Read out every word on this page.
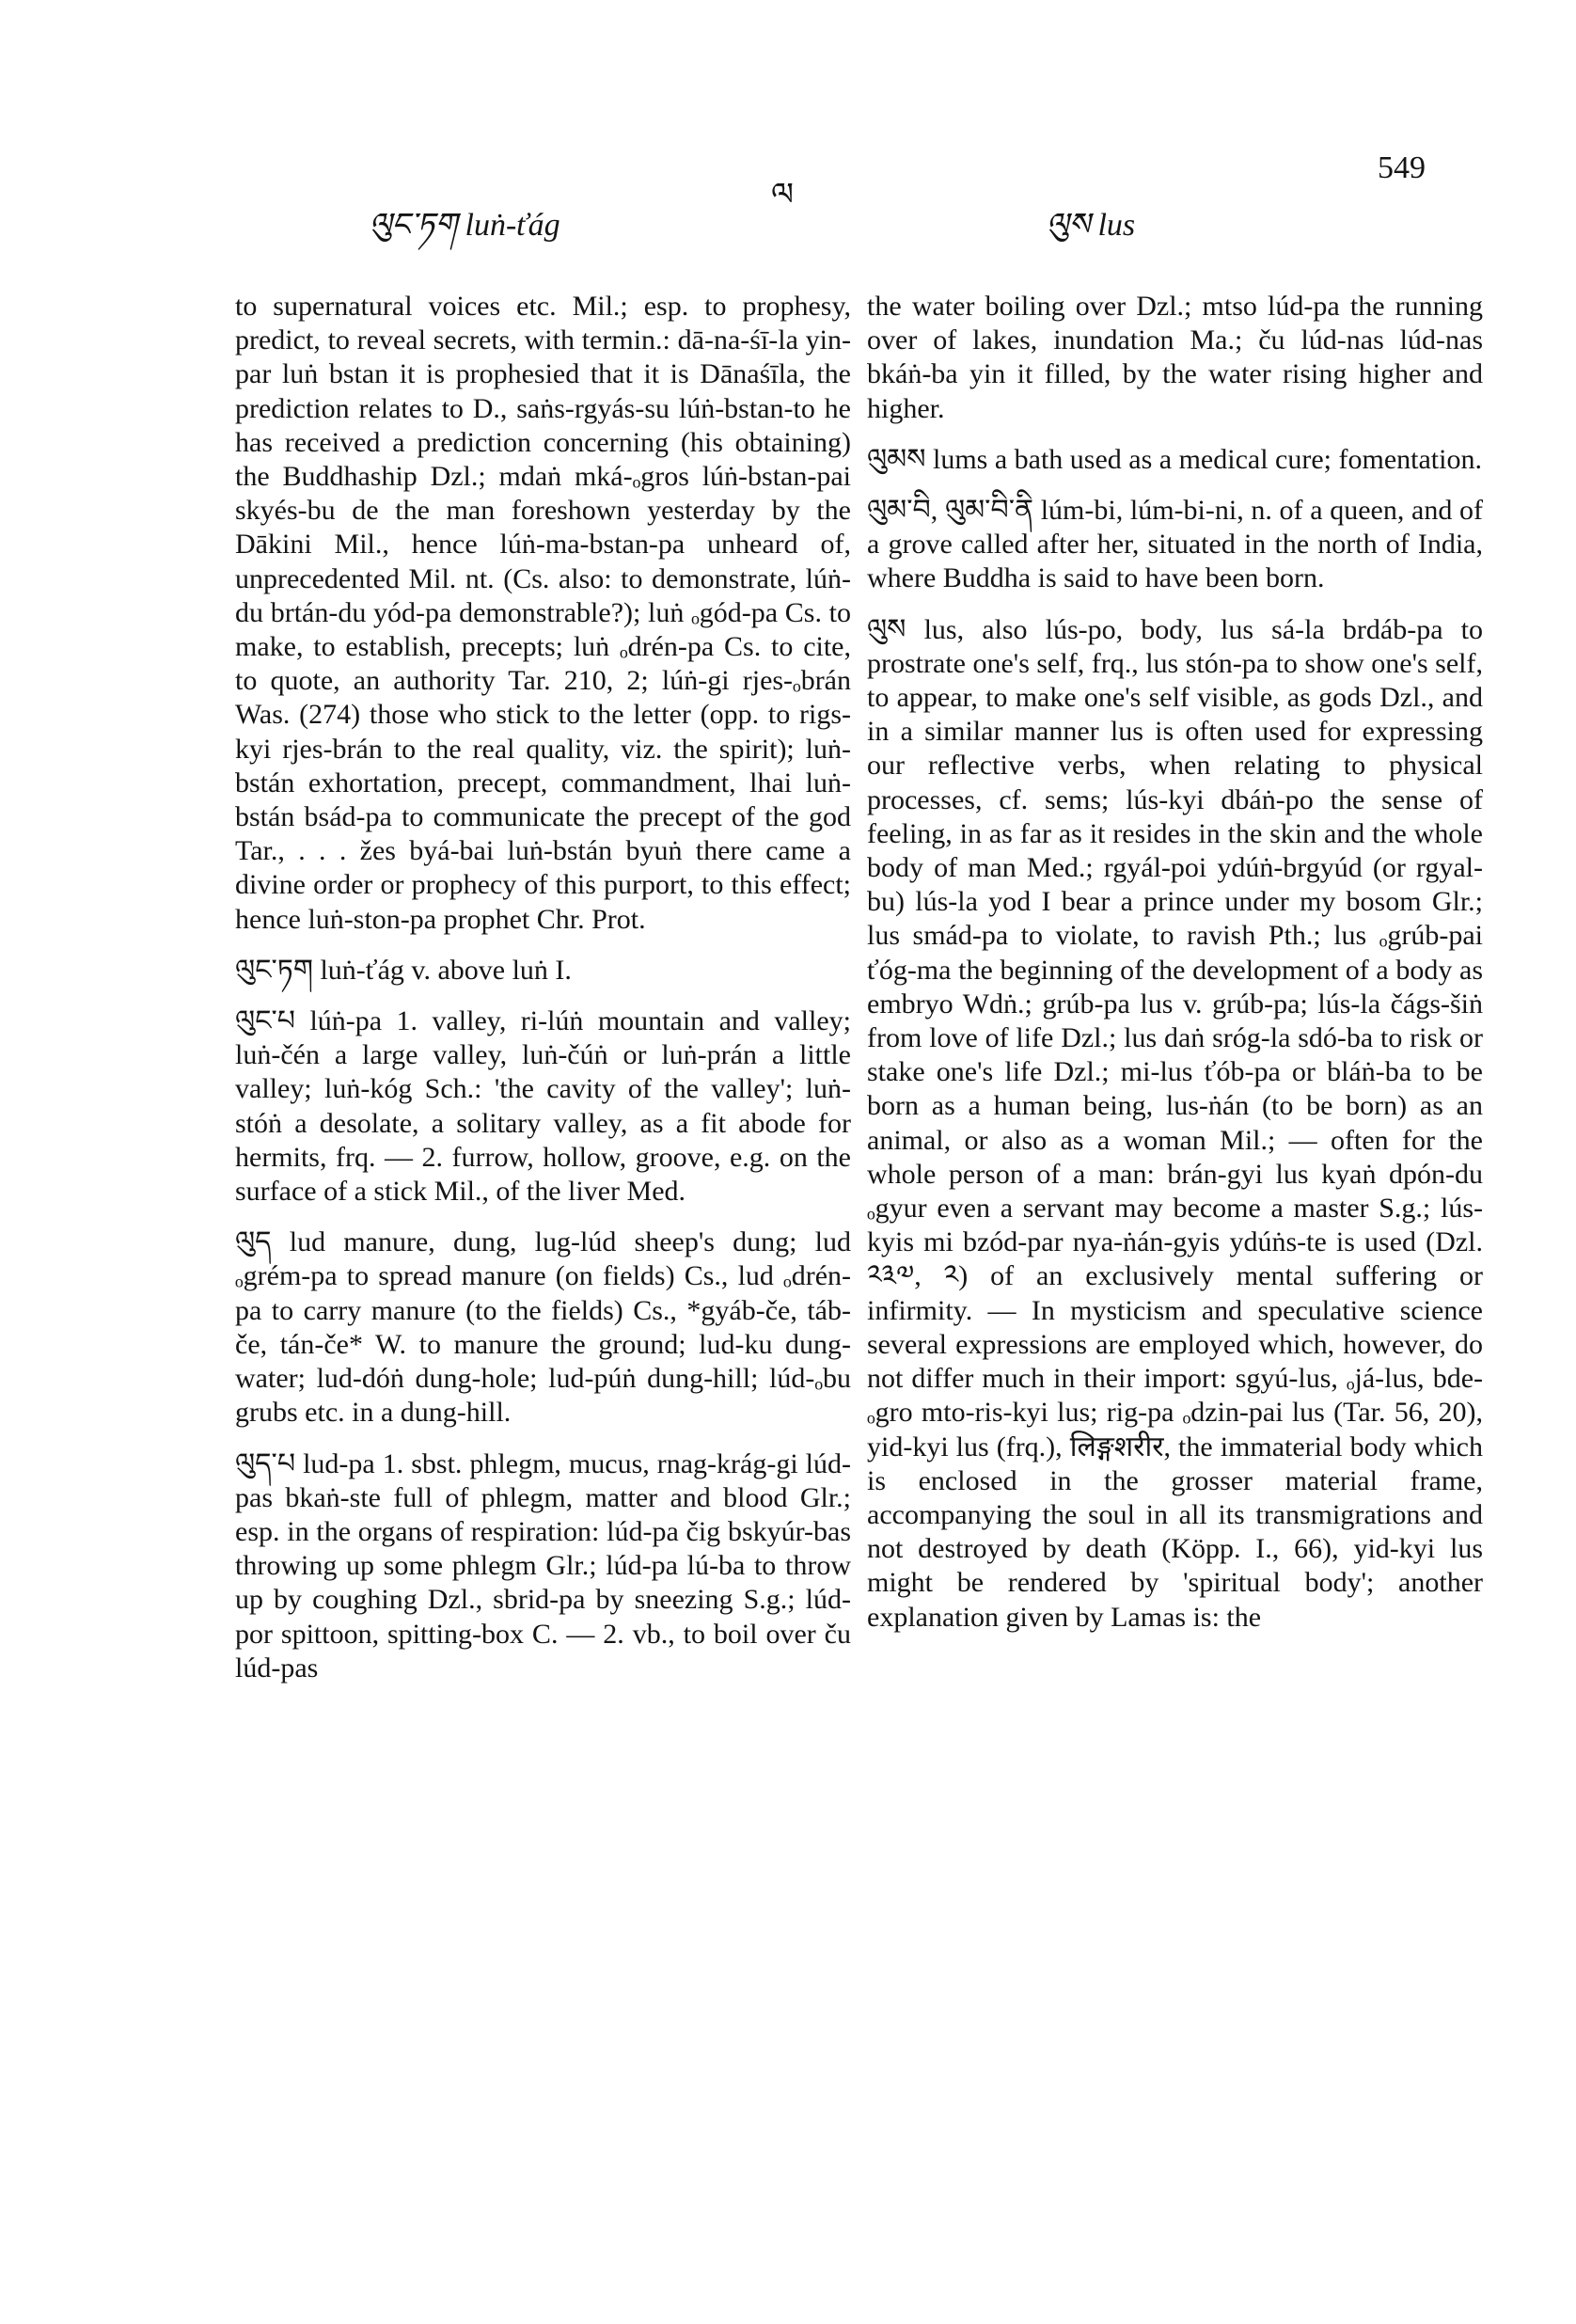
549
ལུང་ཏག luṅ-ťág
ལ
ལུས lus

to supernatural voices etc. Mil.; esp. to prophesy, predict, to reveal secrets, with termin.: dā-na-śī-la yin-par luṅ bstan it is prophesied that it is Dānaśīla, the prediction relates to D., saṅs-rgyás-su lúṅ-bstan-to he has received a prediction concerning (his obtaining) the Buddhaship Dzl.; mdaṅ mká-ₒgros lúṅ-bstan-pai skyés-bu de the man foreshown yesterday by the Dākini Mil., hence lúṅ-ma-bstan-pa unheard of, unprecedented Mil. nt. (Cs. also: to demonstrate, lúṅ-du brtán-du yód-pa demonstrable?); luṅ ₒgód-pa Cs. to make, to establish, precepts; luṅ ₒdrén-pa Cs. to cite, to quote, an authority Tar. 210, 2; lúṅ-gi rjes-ₒbrán Was. (274) those who stick to the letter (opp. to rigs-kyi rjes-brán to the real quality, viz. the spirit); luṅ-bstán exhortation, precept, commandment, lhai luṅ-bstán bsád-pa to communicate the precept of the god Tar., . . . žes byá-bai luṅ-bstán byuṅ there came a divine order or prophecy of this purport, to this effect; hence luṅ-ston-pa prophet Chr. Prot.

ལུང་ཏག luṅ-ťág v. above luṅ I.

ལུང་པ lúṅ-pa 1. valley, ri-lúṅ mountain and valley; luṅ-čén a large valley, luṅ-čúṅ or luṅ-prán a little valley; luṅ-kóg Sch.: 'the cavity of the valley'; luṅ-stóṅ a desolate, a solitary valley, as a fit abode for hermits, frq. — 2. furrow, hollow, groove, e.g. on the surface of a stick Mil., of the liver Med.

ལུད lud manure, dung, lug-lúd sheep's dung; lud ₒgrém-pa to spread manure (on fields) Cs., lud ₒdrén-pa to carry manure (to the fields) Cs., *gyáb-če, táb-če, tán-če* W. to manure the ground; lud-ku dung-water; lud-dóṅ dung-hole; lud-púṅ dung-hill; lúd-ₒbu grubs etc. in a dung-hill.

ལུད་པ lud-pa 1. sbst. phlegm, mucus, rnag-krág-gi lúd-pas bkaṅ-ste full of phlegm, matter and blood Glr.; esp. in the organs of respiration: lúd-pa čig bskyúr-bas throwing up some phlegm Glr.; lúd-pa lú-ba to throw up by coughing Dzl., sbrid-pa by sneezing S.g.; lúd-por spittoon, spitting-box C. — 2. vb., to boil over ču lúd-pas

the water boiling over Dzl.; mtso lúd-pa the running over of lakes, inundation Ma.; ču lúd-nas lúd-nas bkáṅ-ba yin it filled, by the water rising higher and higher.

ལུམས lums a bath used as a medical cure; fomentation.

ལུམ་བི, ལུམ་བི་ནི lúm-bi, lúm-bi-ni, n. of a queen, and of a grove called after her, situated in the north of India, where Buddha is said to have been born.

ལུས lus, also lús-po, body, lus sá-la brdáb-pa to prostrate one's self, frq., lus stón-pa to show one's self, to appear, to make one's self visible, as gods Dzl., and in a similar manner lus is often used for expressing our reflective verbs, when relating to physical processes, cf. sems; lús-kyi dbáṅ-po the sense of feeling, in as far as it resides in the skin and the whole body of man Med.; rgyál-poi ydúṅ-brgyúd (or rgyal-bu) lús-la yod I bear a prince under my bosom Glr.; lus smád-pa to violate, to ravish Pth.; lus ₒgrúb-pai ťóg-ma the beginning of the development of a body as embryo Wdṅ.; grúb-pa lus v. grúb-pa; lús-la čágs-šiṅ from love of life Dzl.; lus daṅ sróg-la sdó-ba to risk or stake one's life Dzl.; mi-lus ťób-pa or bláṅ-ba to be born as a human being, lus-ṅán (to be born) as an animal, or also as a woman Mil.; — often for the whole person of a man: brán-gyi lus kyaṅ dpón-du ₒgyur even a servant may become a master S.g.; lús-kyis mi bzód-par nya-ṅán-gyis ydúṅs-te is used (Dzl. ༢༣༧, ༢) of an exclusively mental suffering or infirmity. — In mysticism and speculative science several expressions are employed which, however, do not differ much in their import: sgyú-lus, ₒjá-lus, bde-ₒgro mto-ris-kyi lus; rig-pa ₒdzin-pai lus (Tar. 56, 20), yid-kyi lus (frq.), लिङ्गशरीर, the immaterial body which is enclosed in the grosser material frame, accompanying the soul in all its transmigrations and not destroyed by death (Köpp. I., 66), yid-kyi lus might be rendered by 'spiritual body'; another explanation given by Lamas is: the
